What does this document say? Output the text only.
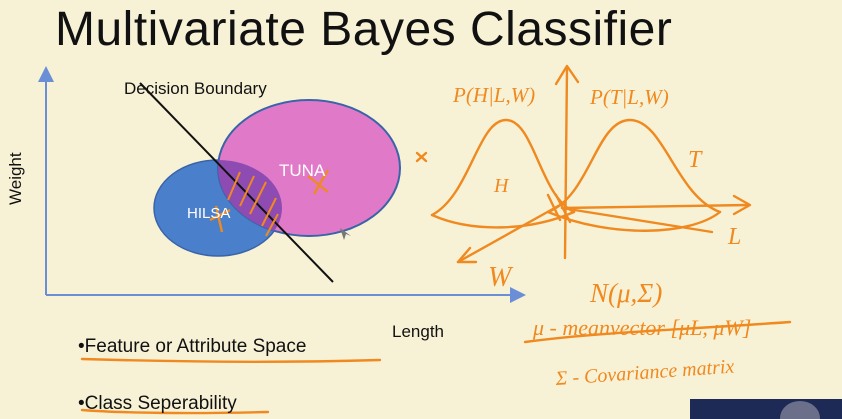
Multivariate Bayes Classifier
TUNA
HILSA
Decision Boundary
Weight
Length
P(H|L,W)	P(T|L,W)
H
T
W
L
N(μ,Σ)
μ - meanvector [μL, μW]
Σ - Covariance matrix
•Feature or Attribute Space
•Class Seperability
